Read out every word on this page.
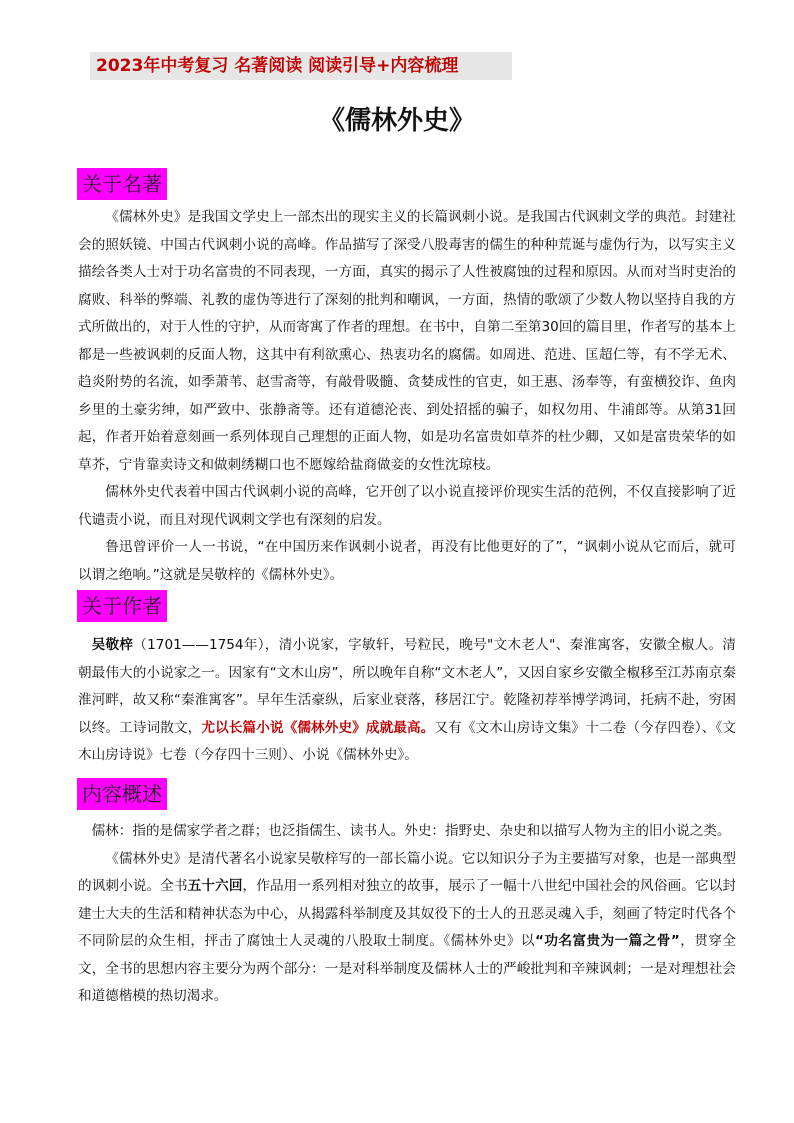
2023年中考复习 名著阅读 阅读引导+内容梳理
《儒林外史》
关于名著

《儒林外史》是我国文学史上一部杰出的现实主义的长篇讽刺小说。是我国古代讽刺文学的典范。封建社会的照妖镜、中国古代讽刺小说的高峰。作品描写了深受八股毒害的儒生的种种荒诞与虚伪行为，以写实主义描绘各类人士对于功名富贵的不同表现，一方面，真实的揭示了人性被腐蚀的过程和原因。从而对当时吏治的腐败、科举的弊端、礼教的虚伪等进行了深刻的批判和嘲讽，一方面，热情的歌颂了少数人物以坚持自我的方式所做出的，对于人性的守护，从而寄寓了作者的理想。在书中，自第二至第30回的篇目里，作者写的基本上都是一些被讽刺的反面人物，这其中有利欲熏心、热衷功名的腐儒。如周进、范进、匡超仁等，有不学无术、趋炎附势的名流，如季萧苇、赵雪斋等，有敲骨吸髓、贪婪成性的官吏，如王惠、汤奉等，有蛮横狡诈、鱼肉乡里的土豪劣绅，如严致中、张静斋等。还有道德沦丧、到处招摇的骗子，如权勿用、牛浦郎等。从第31回起，作者开始着意刻画一系列体现自己理想的正面人物，如是功名富贵如草芥的杜少卿，又如是富贵荣华的如草芥，宁肯靠卖诗文和做刺绣糊口也不愿嫁给盐商做妾的女性沈琼枝。

儒林外史代表着中国古代讽刺小说的高峰，它开创了以小说直接评价现实生活的范例，不仅直接影响了近代谴责小说，而且对现代讽刺文学也有深刻的启发。

鲁迅曾评价一人一书说，“在中国历来作讽刺小说者，再没有比他更好的了”，“讽刺小说从它而后，就可以谓之绝响。”这就是吴敬梓的《儒林外史》。

关于作者

吴敬梓（1701——1754年），清小说家，字敏轩，号粒民，晚号"文木老人"、秦淮寓客，安徽全椒人。清朝最伟大的小说家之一。因家有“文木山房”，所以晚年自称“文木老人”，又因自家乡安徽全椒移至江苏南京秦淮河畔，故又称“秦淮寓客”。早年生活豪纵，后家业衰落，移居江宁。乾隆初荐举博学鸿词，托病不赴，穷困以终。工诗词散文，尤以长篇小说《儒林外史》成就最高。又有《文木山房诗文集》十二卷（今存四卷）、《文木山房诗说》七卷（今存四十三则）、小说《儒林外史》。

内容概述

儒林：指的是儒家学者之群；也泛指儒生、读书人。外史：指野史、杂史和以描写人物为主的旧小说之类。

《儒林外史》是清代著名小说家吴敬梓写的一部长篇小说。它以知识分子为主要描写对象，也是一部典型的讽刺小说。全书五十六回，作品用一系列相对独立的故事，展示了一幅十八世纪中国社会的风俗画。它以封建士大夫的生活和精神状态为中心，从揭露科举制度及其奴役下的士人的丑恶灵魂入手，刻画了特定时代各个不同阶层的众生相，抨击了腐蚀士人灵魂的八股取士制度。《儒林外史》以“功名富贵为一篇之骨”，贯穿全文，全书的思想内容主要分为两个部分：一是对科举制度及儒林人士的严峻批判和辛辣讽刺；一是对理想社会和道德楷模的热切渴求。
